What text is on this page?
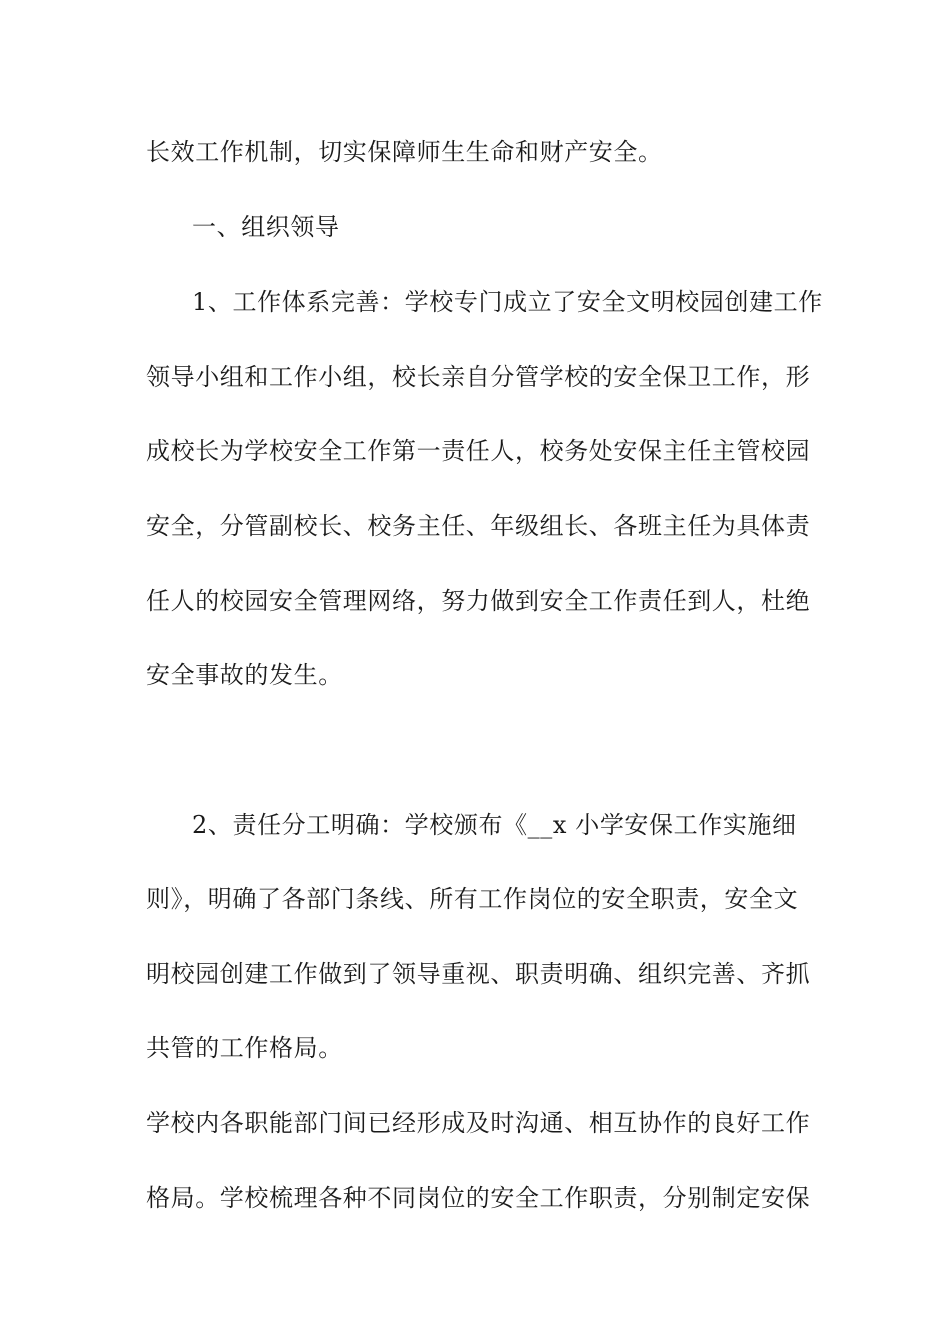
长效工作机制，切实保障师生生命和财产安全。
一、组织领导
1、工作体系完善：学校专门成立了安全文明校园创建工作
领导小组和工作小组，校长亲自分管学校的安全保卫工作，形
成校长为学校安全工作第一责任人，校务处安保主任主管校园
安全，分管副校长、校务主任、年级组长、各班主任为具体责
任人的校园安全管理网络，努力做到安全工作责任到人，杜绝
安全事故的发生。
2、责任分工明确：学校颁布《__x 小学安保工作实施细
则》，明确了各部门条线、所有工作岗位的安全职责，安全文
明校园创建工作做到了领导重视、职责明确、组织完善、齐抓
共管的工作格局。
学校内各职能部门间已经形成及时沟通、相互协作的良好工作
格局。学校梳理各种不同岗位的安全工作职责，分别制定安保
